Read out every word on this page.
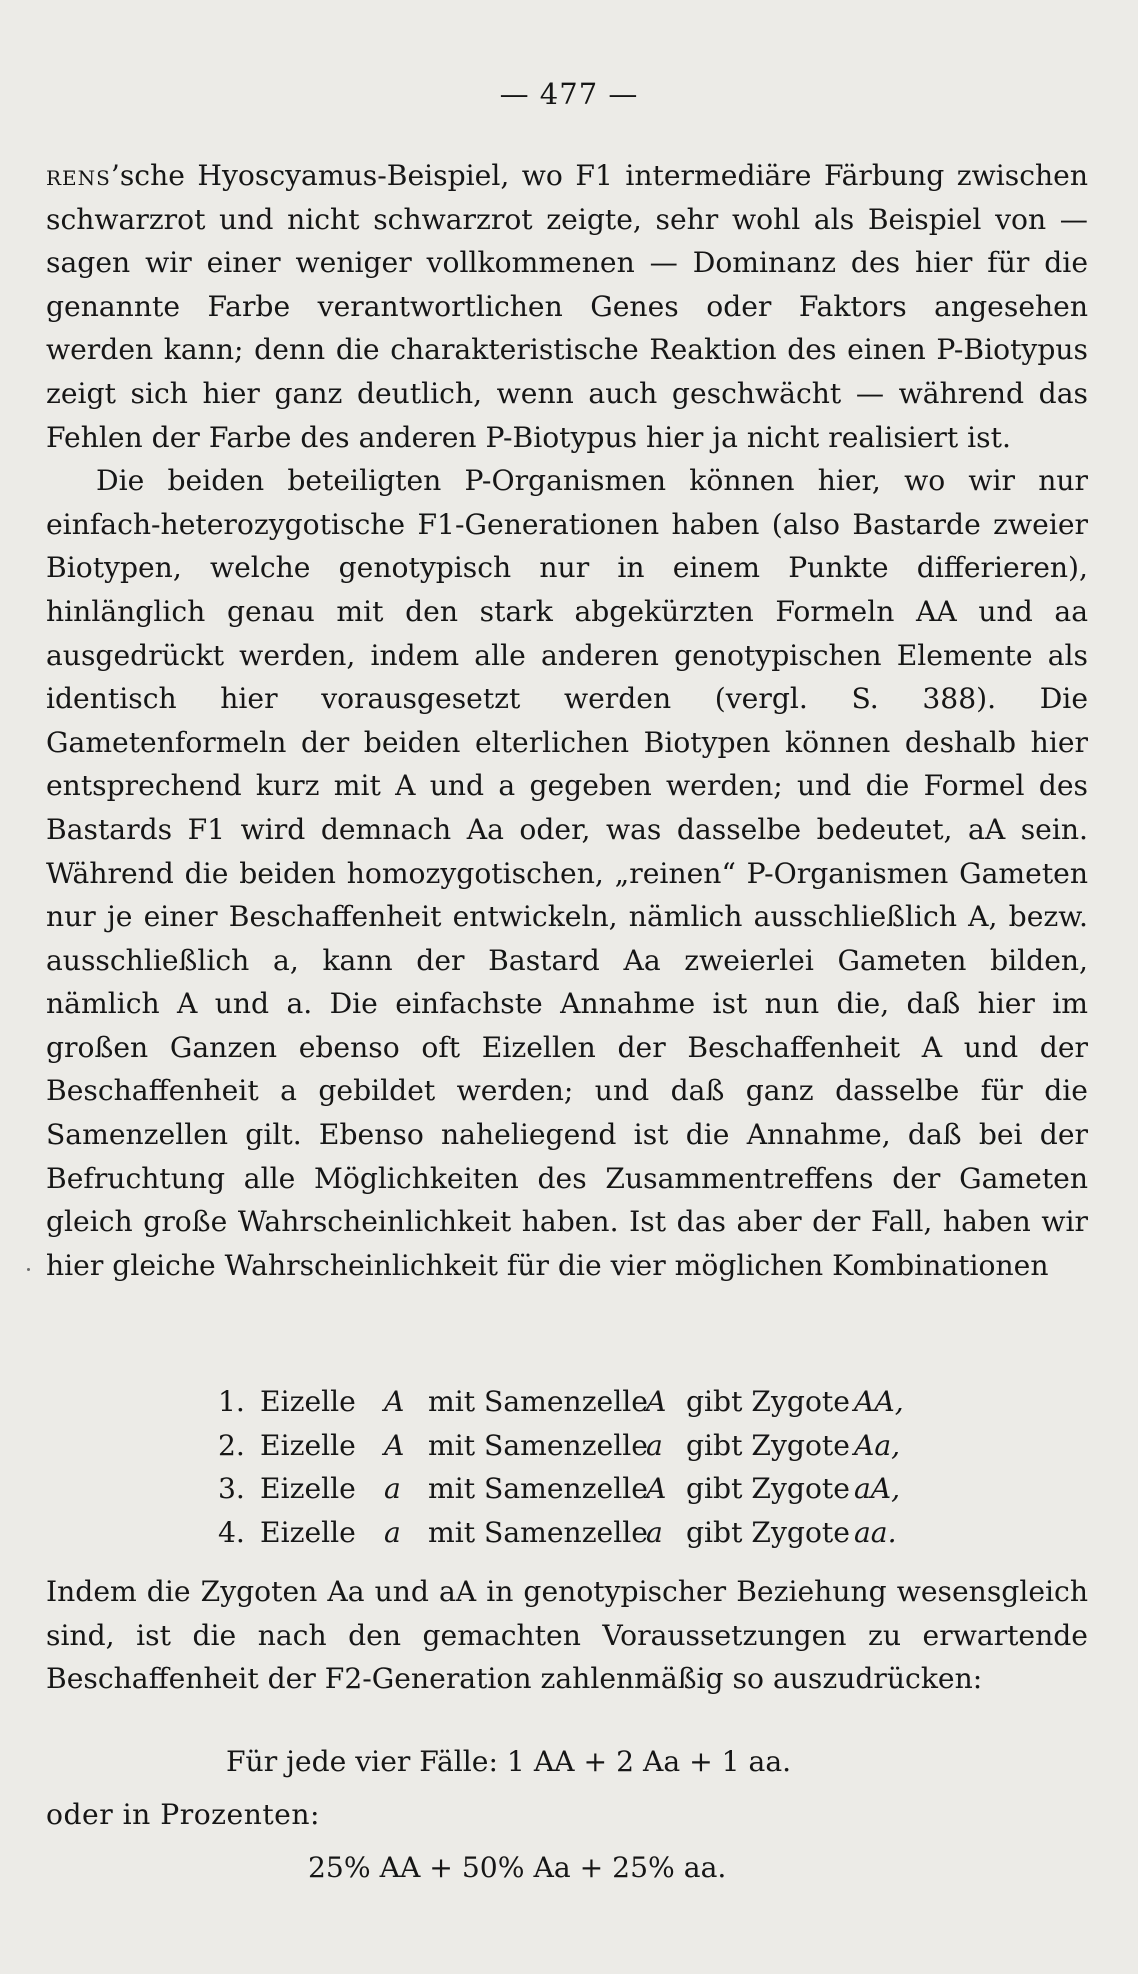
— 477 —

rens’sche Hyoscyamus-Beispiel, wo F1 intermediäre Färbung zwischen schwarzrot und nicht schwarzrot zeigte, sehr wohl als Beispiel von — sagen wir einer weniger vollkommenen — Dominanz des hier für die genannte Farbe verantwortlichen Genes oder Faktors angesehen werden kann; denn die charakteristische Reaktion des einen P-Biotypus zeigt sich hier ganz deutlich, wenn auch geschwächt — während das Fehlen der Farbe des anderen P-Biotypus hier ja nicht realisiert ist.

Die beiden beteiligten P-Organismen können hier, wo wir nur einfach-heterozygotische F1-Generationen haben (also Bastarde zweier Biotypen, welche genotypisch nur in einem Punkte differieren), hinlänglich genau mit den stark abgekürzten Formeln AA und aa ausgedrückt werden, indem alle anderen genotypischen Elemente als identisch hier vorausgesetzt werden (vergl. S. 388). Die Gametenformeln der beiden elterlichen Biotypen können deshalb hier entsprechend kurz mit A und a gegeben werden; und die Formel des Bastards F1 wird demnach Aa oder, was dasselbe bedeutet, aA sein. Während die beiden homozygotischen, „reinen“ P-Organismen Gameten nur je einer Beschaffenheit entwickeln, nämlich ausschließlich A, bezw. ausschließlich a, kann der Bastard Aa zweierlei Gameten bilden, nämlich A und a. Die einfachste Annahme ist nun die, daß hier im großen Ganzen ebenso oft Eizellen der Beschaffenheit A und der Beschaffenheit a gebildet werden; und daß ganz dasselbe für die Samenzellen gilt. Ebenso naheliegend ist die Annahme, daß bei der Befruchtung alle Möglichkeiten des Zusammentreffens der Gameten gleich große Wahrscheinlichkeit haben. Ist das aber der Fall, haben wir hier gleiche Wahrscheinlichkeit für die vier möglichen Kombinationen

1. Eizelle A mit Samenzelle
A gibt Zygote AA,
2. Eizelle A mit Samenzelle
a gibt Zygote Aa,
3. Eizelle a mit Samenzelle
A gibt Zygote aA,
4. Eizelle a mit Samenzelle
a gibt Zygote aa.

Indem die Zygoten Aa und aA in genotypischer Beziehung wesensgleich sind, ist die nach den gemachten Voraussetzungen zu erwartende Beschaffenheit der F2-Generation zahlenmäßig so auszudrücken:

Für jede vier Fälle: 1 AA + 2 Aa + 1 aa.
oder in Prozenten:
25% AA + 50% Aa + 25% aa.
